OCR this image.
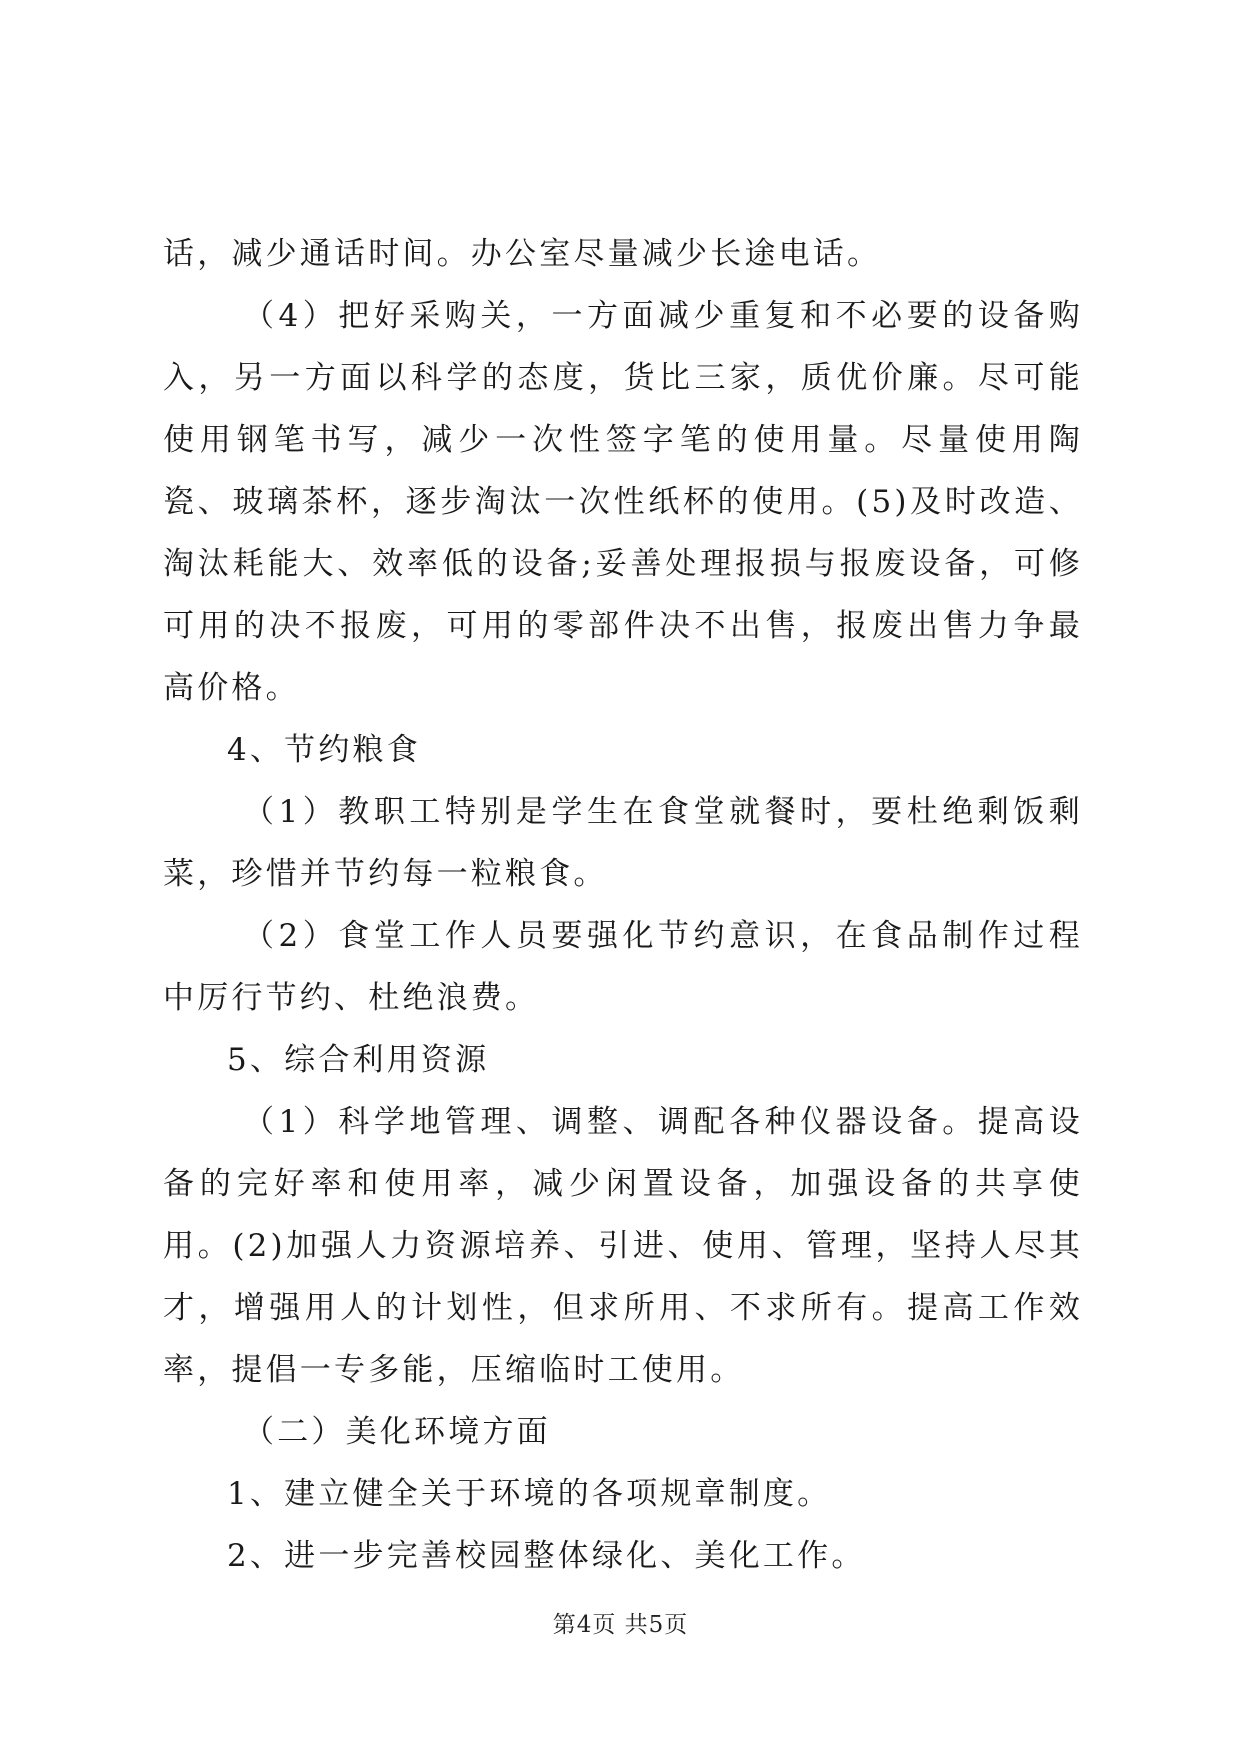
话，减少通话时间。办公室尽量减少长途电话。

（4）把好采购关，一方面减少重复和不必要的设备购入，另一方面以科学的态度，货比三家，质优价廉。尽可能使用钢笔书写，减少一次性签字笔的使用量。尽量使用陶瓷、玻璃茶杯，逐步淘汰一次性纸杯的使用。(5)及时改造、淘汰耗能大、效率低的设备;妥善处理报损与报废设备，可修可用的决不报废，可用的零部件决不出售，报废出售力争最高价格。

4、节约粮食

（1）教职工特别是学生在食堂就餐时，要杜绝剩饭剩菜，珍惜并节约每一粒粮食。

（2）食堂工作人员要强化节约意识，在食品制作过程中厉行节约、杜绝浪费。

5、综合利用资源

（1）科学地管理、调整、调配各种仪器设备。提高设备的完好率和使用率，减少闲置设备，加强设备的共享使用。(2)加强人力资源培养、引进、使用、管理，坚持人尽其才，增强用人的计划性，但求所用、不求所有。提高工作效率，提倡一专多能，压缩临时工使用。

（二）美化环境方面

1、建立健全关于环境的各项规章制度。

2、进一步完善校园整体绿化、美化工作。

第4页 共5页
